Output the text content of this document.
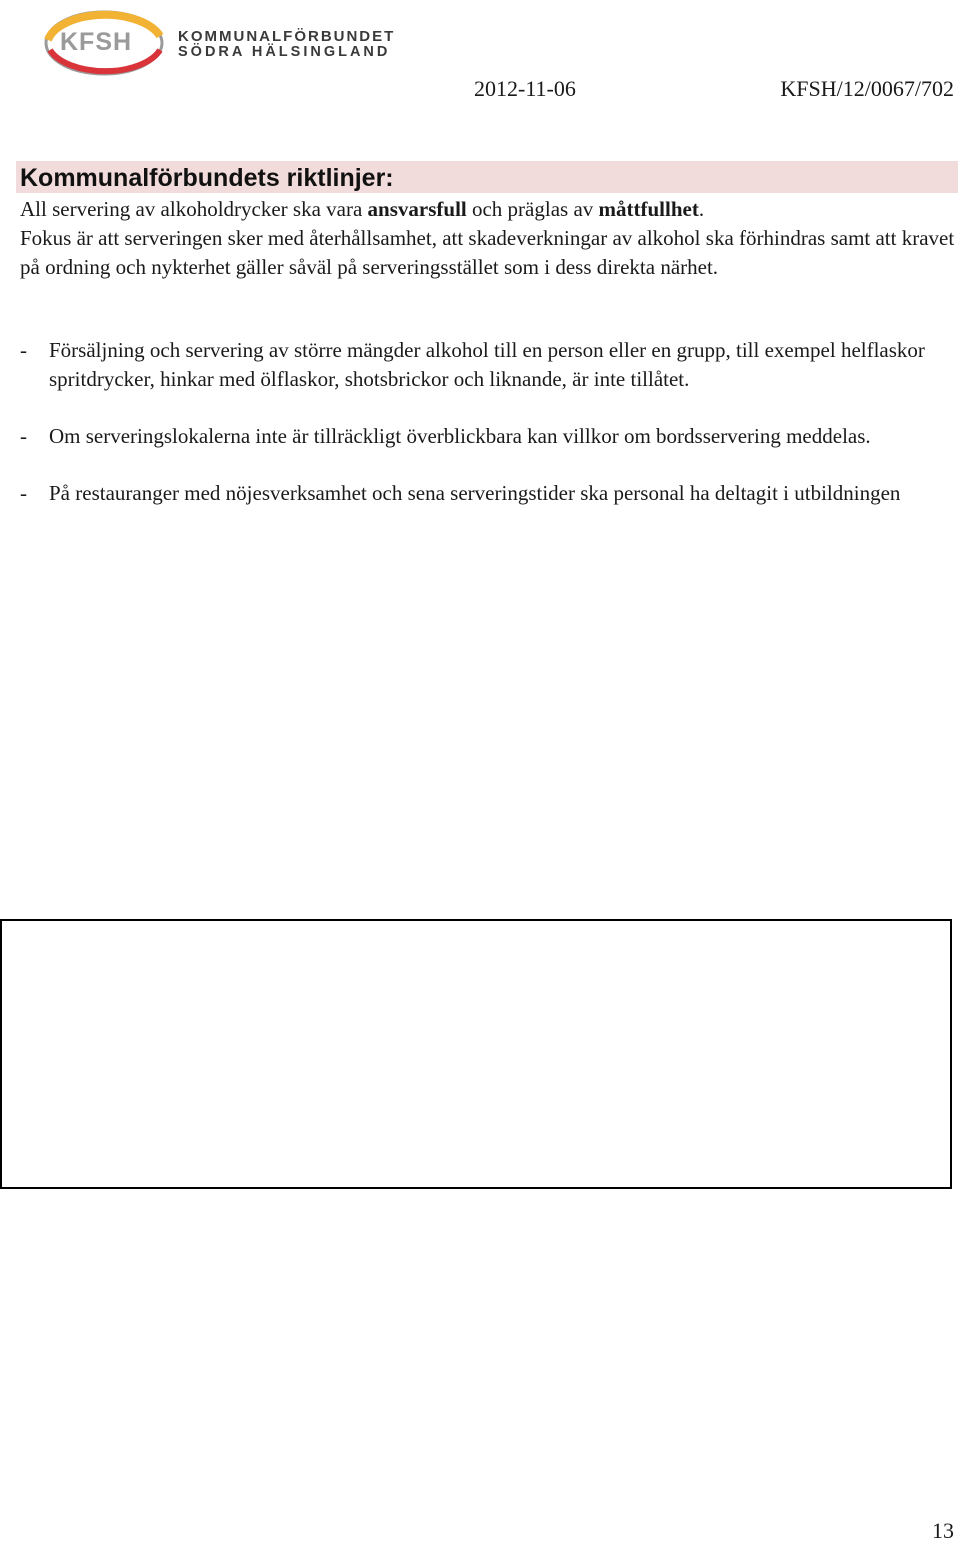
KFSH	KOMMUNALFÖRBUNDET
SÖDRA HÄLSINGLAND
2012-11-06	KFSH/12/0067/702
Kommunalförbundets riktlinjer:

All servering av alkoholdrycker ska vara ansvarsfull och präglas av måttfullhet.

Fokus är att serveringen sker med återhållsamhet, att skadeverkningar av alkohol ska förhindras samt att kravet på ordning och nykterhet gäller såväl på serveringsstället som i dess direkta närhet.

- Försäljning och servering av större mängder alkohol till en person eller en grupp, till exempel helflaskor spritdrycker, hinkar med ölflaskor, shotsbrickor och liknande, är inte tillåtet.
- Om serveringslokalerna inte är tillräckligt överblickbara kan villkor om bordsservering meddelas.
- På restauranger med nöjesverksamhet och sena serveringstider ska personal ha deltagit i utbildningen
13
